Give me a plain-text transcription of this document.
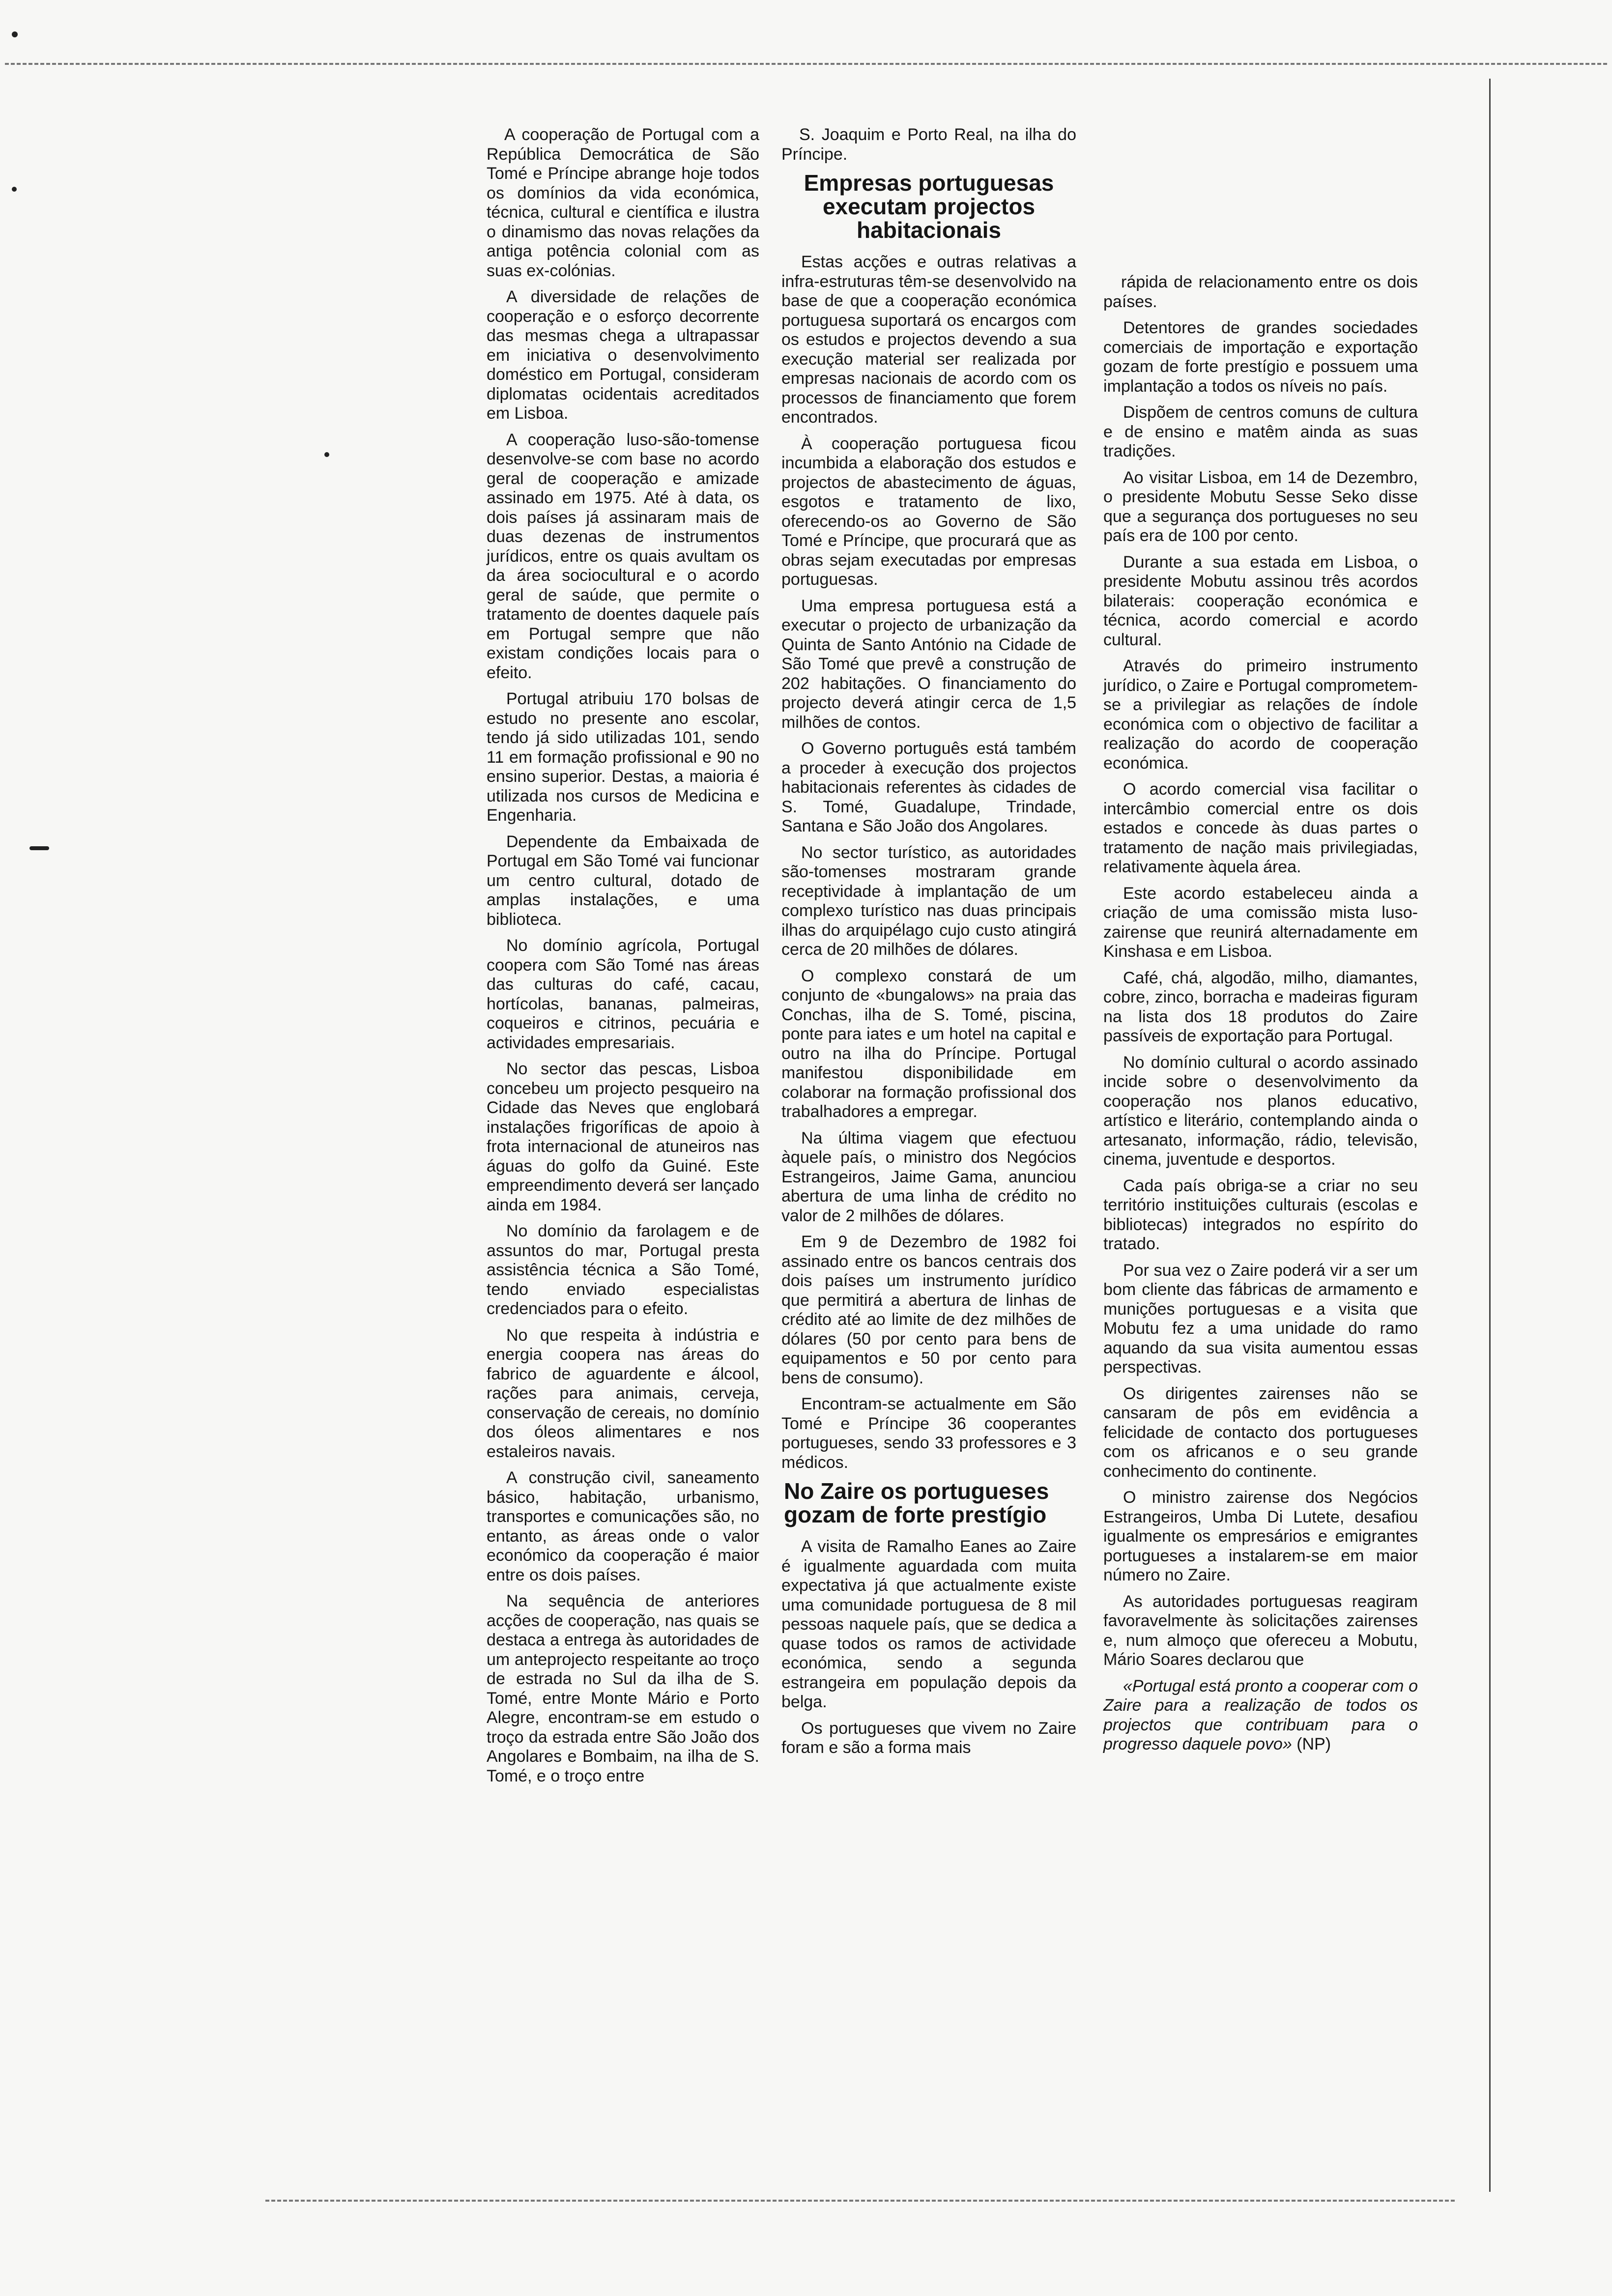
A cooperação de Portugal com a República Democrática de São Tomé e Príncipe abrange hoje todos os domínios da vida económica, técnica, cultural e científica e ilustra o dinamismo das novas relações da antiga potência colonial com as suas ex-colónias.

A diversidade de relações de cooperação e o esforço decorrente das mesmas chega a ultrapassar em iniciativa o desenvolvimento doméstico em Portugal, consideram diplomatas ocidentais acreditados em Lisboa.

A cooperação luso-são-tomense desenvolve-se com base no acordo geral de cooperação e amizade assinado em 1975. Até à data, os dois países já assinaram mais de duas dezenas de instrumentos jurídicos, entre os quais avultam os da área sociocultural e o acordo geral de saúde, que permite o tratamento de doentes daquele país em Portugal sempre que não existam condições locais para o efeito.

Portugal atribuiu 170 bolsas de estudo no presente ano escolar, tendo já sido utilizadas 101, sendo 11 em formação profissional e 90 no ensino superior. Destas, a maioria é utilizada nos cursos de Medicina e Engenharia.

Dependente da Embaixada de Portugal em São Tomé vai funcionar um centro cultural, dotado de amplas instalações, e uma biblioteca.

No domínio agrícola, Portugal coopera com São Tomé nas áreas das culturas do café, cacau, hortícolas, bananas, palmeiras, coqueiros e citrinos, pecuária e actividades empresariais.

No sector das pescas, Lisboa concebeu um projecto pesqueiro na Cidade das Neves que englobará instalações frigoríficas de apoio à frota internacional de atuneiros nas águas do golfo da Guiné. Este empreendimento deverá ser lançado ainda em 1984.

No domínio da farolagem e de assuntos do mar, Portugal presta assistência técnica a São Tomé, tendo enviado especialistas credenciados para o efeito.

No que respeita à indústria e energia coopera nas áreas do fabrico de aguardente e álcool, rações para animais, cerveja, conservação de cereais, no domínio dos óleos alimentares e nos estaleiros navais.

A construção civil, saneamento básico, habitação, urbanismo, transportes e comunicações são, no entanto, as áreas onde o valor económico da cooperação é maior entre os dois países.

Na sequência de anteriores acções de cooperação, nas quais se destaca a entrega às autoridades de um anteprojecto respeitante ao troço de estrada no Sul da ilha de S. Tomé, entre Monte Mário e Porto Alegre, encontram-se em estudo o troço da estrada entre São João dos Angolares e Bombaim, na ilha de S. Tomé, e o troço entre

S. Joaquim e Porto Real, na ilha do Príncipe.

Empresas portuguesas executam projectos habitacionais

Estas acções e outras relativas a infra-estruturas têm-se desenvolvido na base de que a cooperação económica portuguesa suportará os encargos com os estudos e projectos devendo a sua execução material ser realizada por empresas nacionais de acordo com os processos de financiamento que forem encontrados.

À cooperação portuguesa ficou incumbida a elaboração dos estudos e projectos de abastecimento de águas, esgotos e tratamento de lixo, oferecendo-os ao Governo de São Tomé e Príncipe, que procurará que as obras sejam executadas por empresas portuguesas.

Uma empresa portuguesa está a executar o projecto de urbanização da Quinta de Santo António na Cidade de São Tomé que prevê a construção de 202 habitações. O financiamento do projecto deverá atingir cerca de 1,5 milhões de contos.

O Governo português está também a proceder à execução dos projectos habitacionais referentes às cidades de S. Tomé, Guadalupe, Trindade, Santana e São João dos Angolares.

No sector turístico, as autoridades são-tomenses mostraram grande receptividade à implantação de um complexo turístico nas duas principais ilhas do arquipélago cujo custo atingirá cerca de 20 milhões de dólares.

O complexo constará de um conjunto de «bungalows» na praia das Conchas, ilha de S. Tomé, piscina, ponte para iates e um hotel na capital e outro na ilha do Príncipe. Portugal manifestou disponibilidade em colaborar na formação profissional dos trabalhadores a empregar.

Na última viagem que efectuou àquele país, o ministro dos Negócios Estrangeiros, Jaime Gama, anunciou abertura de uma linha de crédito no valor de 2 milhões de dólares.

Em 9 de Dezembro de 1982 foi assinado entre os bancos centrais dos dois países um instrumento jurídico que permitirá a abertura de linhas de crédito até ao limite de dez milhões de dólares (50 por cento para bens de equipamentos e 50 por cento para bens de consumo).

Encontram-se actualmente em São Tomé e Príncipe 36 cooperantes portugueses, sendo 33 professores e 3 médicos.

No Zaire os portugueses gozam de forte prestígio

A visita de Ramalho Eanes ao Zaire é igualmente aguardada com muita expectativa já que actualmente existe uma comunidade portuguesa de 8 mil pessoas naquele país, que se dedica a quase todos os ramos de actividade económica, sendo a segunda estrangeira em população depois da belga.

Os portugueses que vivem no Zaire foram e são a forma mais

rápida de relacionamento entre os dois países.

Detentores de grandes sociedades comerciais de importação e exportação gozam de forte prestígio e possuem uma implantação a todos os níveis no país.

Dispõem de centros comuns de cultura e de ensino e matêm ainda as suas tradições.

Ao visitar Lisboa, em 14 de Dezembro, o presidente Mobutu Sesse Seko disse que a segurança dos portugueses no seu país era de 100 por cento.

Durante a sua estada em Lisboa, o presidente Mobutu assinou três acordos bilaterais: cooperação económica e técnica, acordo comercial e acordo cultural.

Através do primeiro instrumento jurídico, o Zaire e Portugal comprometem-se a privilegiar as relações de índole económica com o objectivo de facilitar a realização do acordo de cooperação económica.

O acordo comercial visa facilitar o intercâmbio comercial entre os dois estados e concede às duas partes o tratamento de nação mais privilegiadas, relativamente àquela área.

Este acordo estabeleceu ainda a criação de uma comissão mista luso-zairense que reunirá alternadamente em Kinshasa e em Lisboa.

Café, chá, algodão, milho, diamantes, cobre, zinco, borracha e madeiras figuram na lista dos 18 produtos do Zaire passíveis de exportação para Portugal.

No domínio cultural o acordo assinado incide sobre o desenvolvimento da cooperação nos planos educativo, artístico e literário, contemplando ainda o artesanato, informação, rádio, televisão, cinema, juventude e desportos.

Cada país obriga-se a criar no seu território instituições culturais (escolas e bibliotecas) integrados no espírito do tratado.

Por sua vez o Zaire poderá vir a ser um bom cliente das fábricas de armamento e munições portuguesas e a visita que Mobutu fez a uma unidade do ramo aquando da sua visita aumentou essas perspectivas.

Os dirigentes zairenses não se cansaram de pôs em evidência a felicidade de contacto dos portugueses com os africanos e o seu grande conhecimento do continente.

O ministro zairense dos Negócios Estrangeiros, Umba Di Lutete, desafiou igualmente os empresários e emigrantes portugueses a instalarem-se em maior número no Zaire.

As autoridades portuguesas reagiram favoravelmente às solicitações zairenses e, num almoço que ofereceu a Mobutu, Mário Soares declarou que

«Portugal está pronto a cooperar com o Zaire para a realização de todos os projectos que contribuam para o progresso daquele povo» (NP)
